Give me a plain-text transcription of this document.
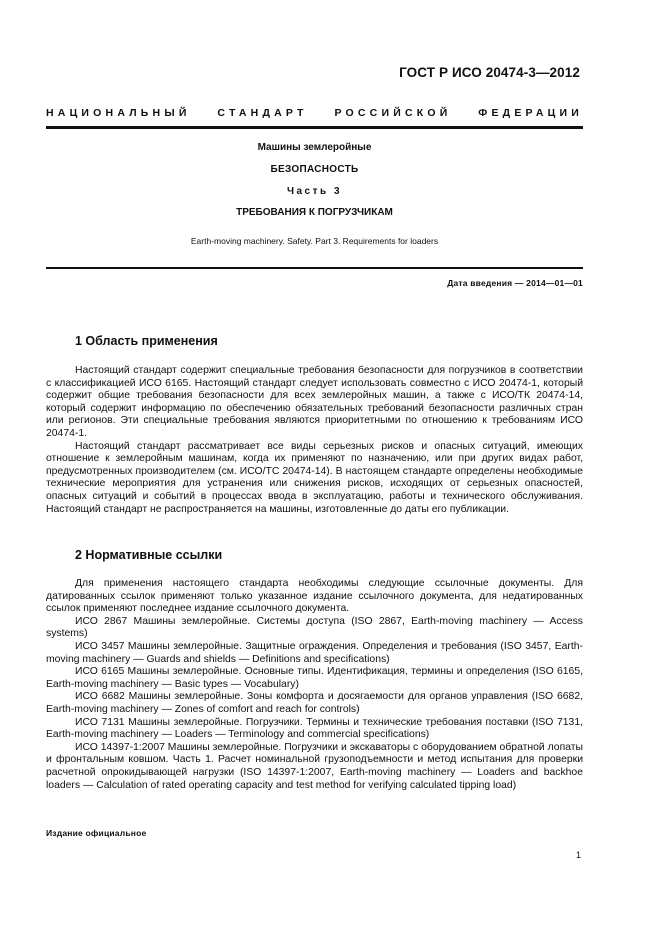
ГОСТ Р ИСО 20474-3—2012
НАЦИОНАЛЬНЫЙ	СТАНДАРТ	РОССИЙСКОЙ	ФЕДЕРАЦИИ
Машины землеройные
БЕЗОПАСНОСТЬ
Часть 3
ТРЕБОВАНИЯ К ПОГРУЗЧИКАМ
Earth-moving machinery. Safety. Part 3. Requirements for loaders
Дата введения — 2014—01—01
1 Область применения

Настоящий стандарт содержит специальные требования безопасности для погрузчиков в соответствии с классификацией ИСО 6165. Настоящий стандарт следует использовать совместно с ИСО 20474-1, который содержит общие требования безопасности для всех землеройных машин, а также с ИСО/ТК 20474-14, который содержит информацию по обеспечению обязательных требований безопасности различных стран или регионов. Эти специальные требования являются приоритетными по отношению к требованиям ИСО 20474-1.

Настоящий стандарт рассматривает все виды серьезных рисков и опасных ситуаций, имеющих отношение к землеройным машинам, когда их применяют по назначению, или при других видах работ, предусмотренных производителем (см. ИСО/ТС 20474-14). В настоящем стандарте определены необходимые технические мероприятия для устранения или снижения рисков, исходящих от серьезных опасностей, опасных ситуаций и событий в процессах ввода в эксплуатацию, работы и технического обслуживания. Настоящий стандарт не распространяется на машины, изготовленные до даты его публикации.

2 Нормативные ссылки

Для применения настоящего стандарта необходимы следующие ссылочные документы. Для датированных ссылок применяют только указанное издание ссылочного документа, для недатированных ссылок применяют последнее издание ссылочного документа.

ИСО 2867 Машины землеройные. Системы доступа (ISO 2867, Earth-moving machinery — Access systems)

ИСО 3457 Машины землеройные. Защитные ограждения. Определения и требования (ISO 3457, Earth-moving machinery — Guards and shields — Definitions and specifications)

ИСО 6165 Машины землеройные. Основные типы. Идентификация, термины и определения (ISO 6165, Earth-moving machinery — Basic types — Vocabulary)

ИСО 6682 Машины землеройные. Зоны комфорта и досягаемости для органов управления (ISO 6682, Earth-moving machinery — Zones of comfort and reach for controls)

ИСО 7131 Машины землеройные. Погрузчики. Термины и технические требования поставки (ISO 7131, Earth-moving machinery — Loaders — Terminology and commercial specifications)

ИСО 14397-1:2007 Машины землеройные. Погрузчики и экскаваторы с оборудованием обратной лопаты и фронтальным ковшом. Часть 1. Расчет номинальной грузоподъемности и метод испытания для проверки расчетной опрокидывающей нагрузки (ISO 14397-1:2007, Earth-moving machinery — Loaders and backhoe loaders — Calculation of rated operating capacity and test method for verifying calculated tipping load)

Издание официальное
1
